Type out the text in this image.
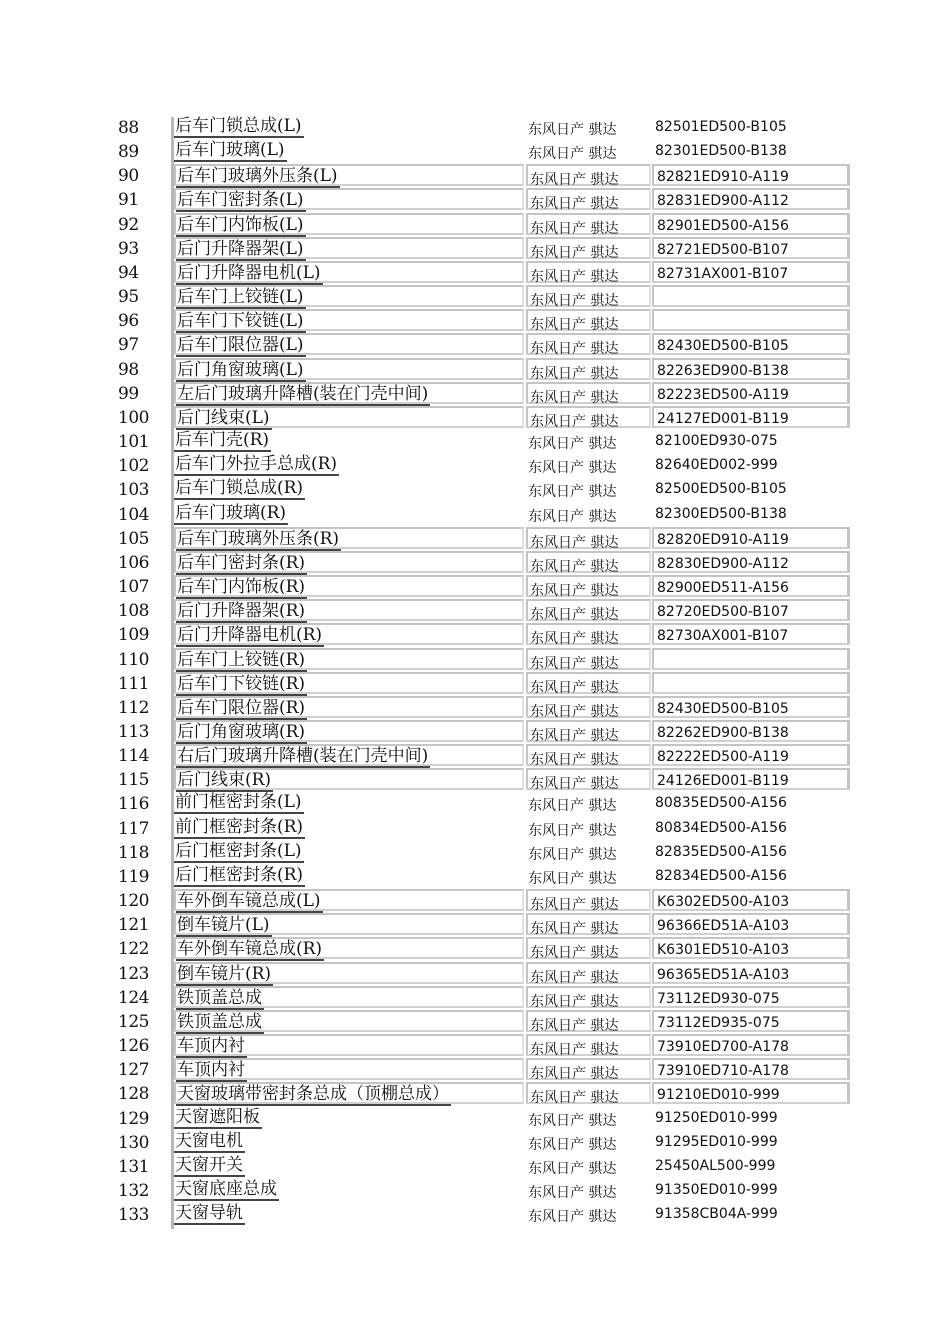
88	后车门锁总成(L)	东风日产 骐达	82501ED500-B105
89	后车门玻璃(L)	东风日产 骐达	82301ED500-B138
90	后车门玻璃外压条(L)	东风日产 骐达	82821ED910-A119
91	后车门密封条(L)	东风日产 骐达	82831ED900-A112
92	后车门内饰板(L)	东风日产 骐达	82901ED500-A156
93	后门升降器架(L)	东风日产 骐达	82721ED500-B107
94	后门升降器电机(L)	东风日产 骐达	82731AX001-B107
95	后车门上铰链(L)	东风日产 骐达
96	后车门下铰链(L)	东风日产 骐达
97	后车门限位器(L)	东风日产 骐达	82430ED500-B105
98	后门角窗玻璃(L)	东风日产 骐达	82263ED900-B138
99	左后门玻璃升降槽(装在门壳中间)	东风日产 骐达	82223ED500-A119
100 后门线束(L)	东风日产 骐达	24127ED001-B119
101 后车门壳(R)	东风日产 骐达	82100ED930-075
102 后车门外拉手总成(R)	东风日产 骐达	82640ED002-999
103 后车门锁总成(R)	东风日产 骐达	82500ED500-B105
104 后车门玻璃(R)	东风日产 骐达	82300ED500-B138
105 后车门玻璃外压条(R)	东风日产 骐达	82820ED910-A119
106 后车门密封条(R)	东风日产 骐达	82830ED900-A112
107 后车门内饰板(R)	东风日产 骐达	82900ED511-A156
108 后门升降器架(R)	东风日产 骐达	82720ED500-B107
109 后门升降器电机(R)	东风日产 骐达	82730AX001-B107
110 后车门上铰链(R)	东风日产 骐达
111 后车门下铰链(R)	东风日产 骐达
112 后车门限位器(R)	东风日产 骐达	82430ED500-B105
113 后门角窗玻璃(R)	东风日产 骐达	82262ED900-B138
114 右后门玻璃升降槽(装在门壳中间)	东风日产 骐达	82222ED500-A119
115 后门线束(R)	东风日产 骐达	24126ED001-B119
116 前门框密封条(L)	东风日产 骐达	80835ED500-A156
117 前门框密封条(R)	东风日产 骐达	80834ED500-A156
118 后门框密封条(L)	东风日产 骐达	82835ED500-A156
119 后门框密封条(R)	东风日产 骐达	82834ED500-A156
120 车外倒车镜总成(L)	东风日产 骐达	K6302ED500-A103
121 倒车镜片(L)	东风日产 骐达	96366ED51A-A103
122 车外倒车镜总成(R)	东风日产 骐达	K6301ED510-A103
123 倒车镜片(R)	东风日产 骐达	96365ED51A-A103
124 铁顶盖总成	东风日产 骐达	73112ED930-075
125 铁顶盖总成	东风日产 骐达	73112ED935-075
126 车顶内衬	东风日产 骐达	73910ED700-A178
127 车顶内衬	东风日产 骐达	73910ED710-A178
128 天窗玻璃带密封条总成（顶棚总成）	东风日产 骐达	91210ED010-999
129 天窗遮阳板	东风日产 骐达	91250ED010-999
130 天窗电机	东风日产 骐达	91295ED010-999
131 天窗开关	东风日产 骐达	25450AL500-999
132 天窗底座总成	东风日产 骐达	91350ED010-999
133 天窗导轨	东风日产 骐达	91358CB04A-999
